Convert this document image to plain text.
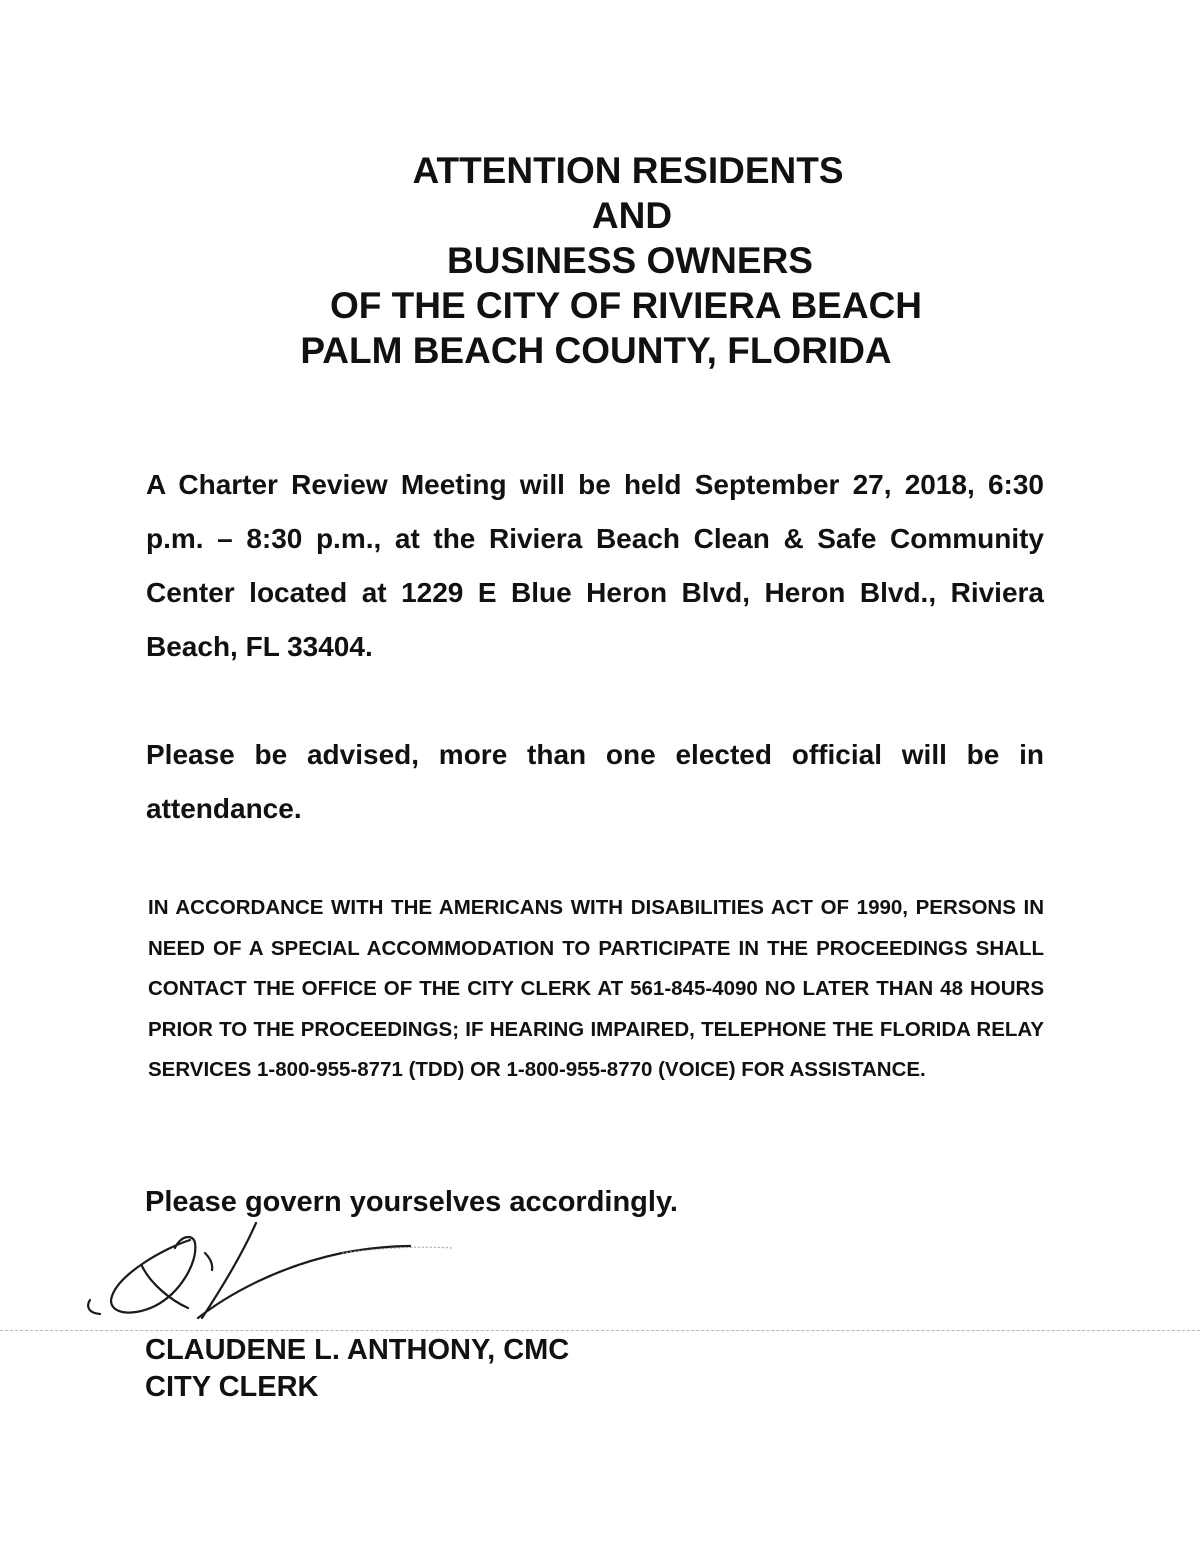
ATTENTION RESIDENTS
AND
BUSINESS OWNERS
OF THE CITY OF RIVIERA BEACH
PALM BEACH COUNTY, FLORIDA

A Charter Review Meeting will be held September 27, 2018, 6:30 p.m. – 8:30 p.m., at the Riviera Beach Clean & Safe Community Center located at 1229 E Blue Heron Blvd, Heron Blvd., Riviera Beach, FL 33404.

Please be advised, more than one elected official will be in attendance.

IN ACCORDANCE WITH THE AMERICANS WITH DISABILITIES ACT OF 1990, PERSONS IN NEED OF A SPECIAL ACCOMMODATION TO PARTICIPATE IN THE PROCEEDINGS SHALL CONTACT THE OFFICE OF THE CITY CLERK AT 561-845-4090 NO LATER THAN 48 HOURS PRIOR TO THE PROCEEDINGS; IF HEARING IMPAIRED, TELEPHONE THE FLORIDA RELAY SERVICES 1-800-955-8771 (TDD) OR 1-800-955-8770 (VOICE) FOR ASSISTANCE.

Please govern yourselves accordingly.

CLAUDENE L. ANTHONY, CMC
CITY CLERK
